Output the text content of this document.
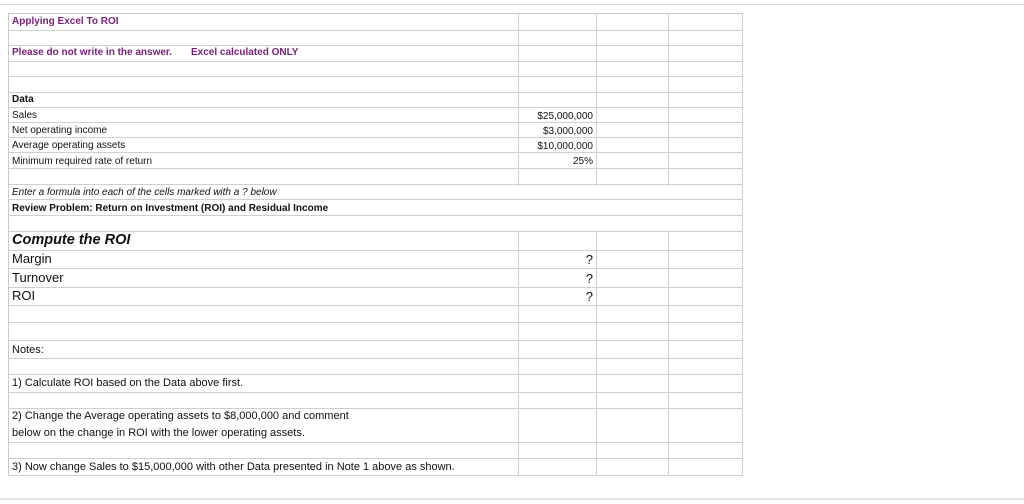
Applying Excel To ROI
Please do not write in the answer. Excel calculated ONLY
Data
Sales	$25,000,000
Net operating income	$3,000,000
Average operating assets	$10,000,000
Minimum required rate of return	25%
Enter a formula into each of the cells marked with a ? below
Review Problem: Return on Investment (ROI) and Residual Income
Compute the ROI
Margin	?
Turnover	?
ROI	?
Notes:
1) Calculate ROI based on the Data above first.
2) Change the Average operating assets to $8,000,000 and comment
below on the change in ROI with the lower operating assets.
3) Now change Sales to $15,000,000 with other Data presented in Note 1 above as shown.
